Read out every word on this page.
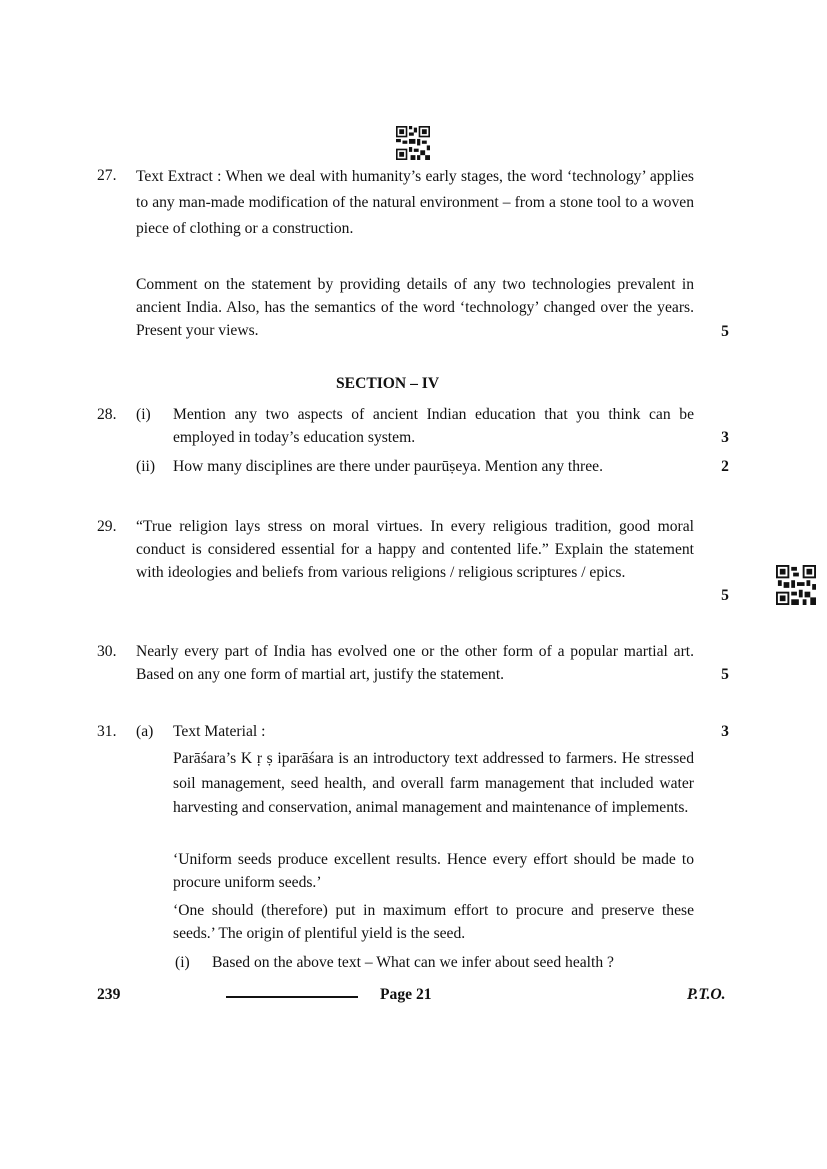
27. Text Extract : When we deal with humanity’s early stages, the word ‘technology’ applies to any man-made modification of the natural environment – from a stone tool to a woven piece of clothing or a construction.

Comment on the statement by providing details of any two technologies prevalent in ancient India. Also, has the semantics of the word ‘technology’ changed over the years. Present your views.	5
SECTION – IV
28. (i) Mention any two aspects of ancient Indian education that you think can be employed in today’s education system.	3
(ii) How many disciplines are there under paurūṣeya. Mention any three.	2
29. “True religion lays stress on moral virtues. In every religious tradition, good moral conduct is considered essential for a happy and contented life.” Explain the statement with ideologies and beliefs from various religions / religious scriptures / epics.

5
30. Nearly every part of India has evolved one or the other form of a popular martial art. Based on any one form of martial art, justify the statement.	5
31. (a) Text Material :	3

Parāśara’s K ṛ ṣ iparāśara is an introductory text addressed to farmers. He stressed soil management, seed health, and overall farm management that included water harvesting and conservation, animal management and maintenance of implements.

‘Uniform seeds produce excellent results. Hence every effort should be made to procure uniform seeds.’

‘One should (therefore) put in maximum effort to procure and preserve these seeds.’ The origin of plentiful yield is the seed.

(i) Based on the above text – What can we infer about seed health ?
239	Page 21	P.T.O.
